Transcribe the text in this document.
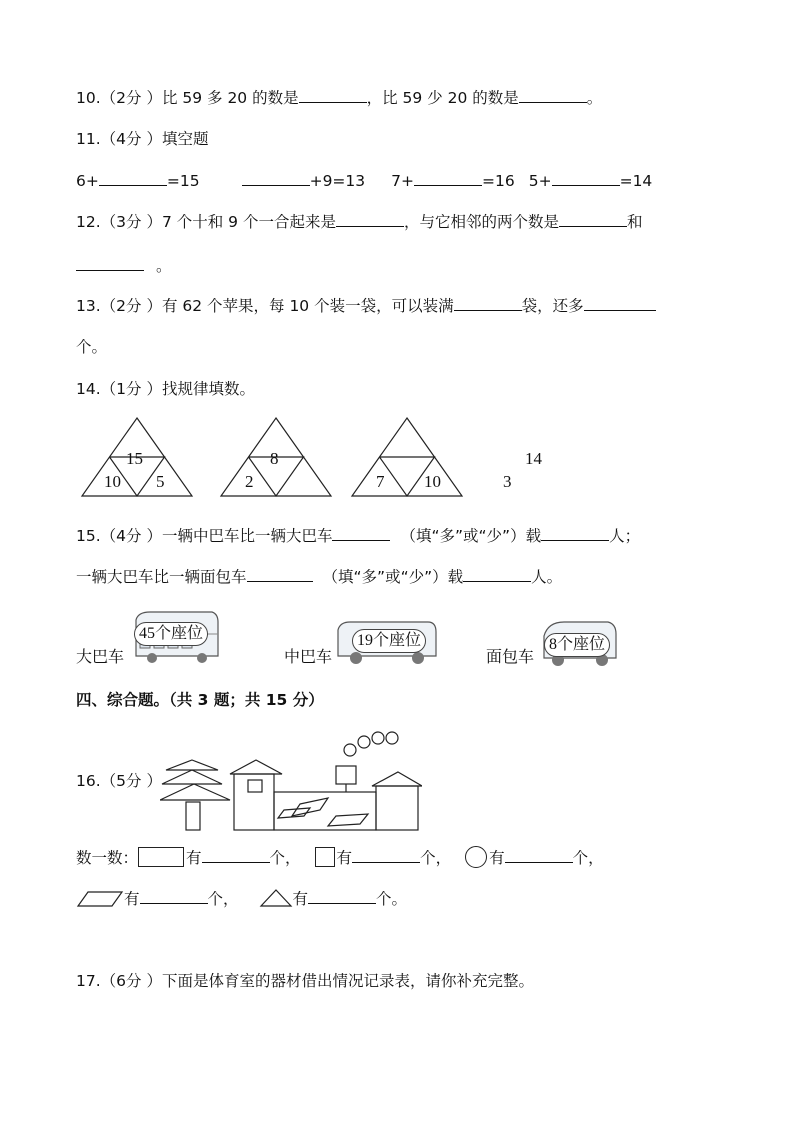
10.（2分 ）比 59 多 20 的数是	，比 59 少 20 的数是	。
11.（4分 ）填空题
6+	=15	+9=13 7+	=16 5+	=14
12.（3分 ）7 个十和 9 个一合起来是	，与它相邻的两个数是	和
。
13.（2分 ）有 62 个苹果，每 10 个装一袋，可以装满	袋，还多
个。
14.（1分 ）找规律填数。
15
10 5
8
2	7 10
14
3
15.（4分 ）一辆中巴车比一辆大巴车	（填“多”或“少”）载	人；
一辆大巴车比一辆面包车	（填“多”或“少”）载	人。
大巴车
45个座位
中巴车
19个座位
面包车
8个座位
四、综合题。（共 3 题；共 15 分）
16.（5分 ）
数一数：	有	个， 有	个， 有	个，
有	个，	有	个。
17.（6分 ）下面是体育室的器材借出情况记录表，请你补充完整。
